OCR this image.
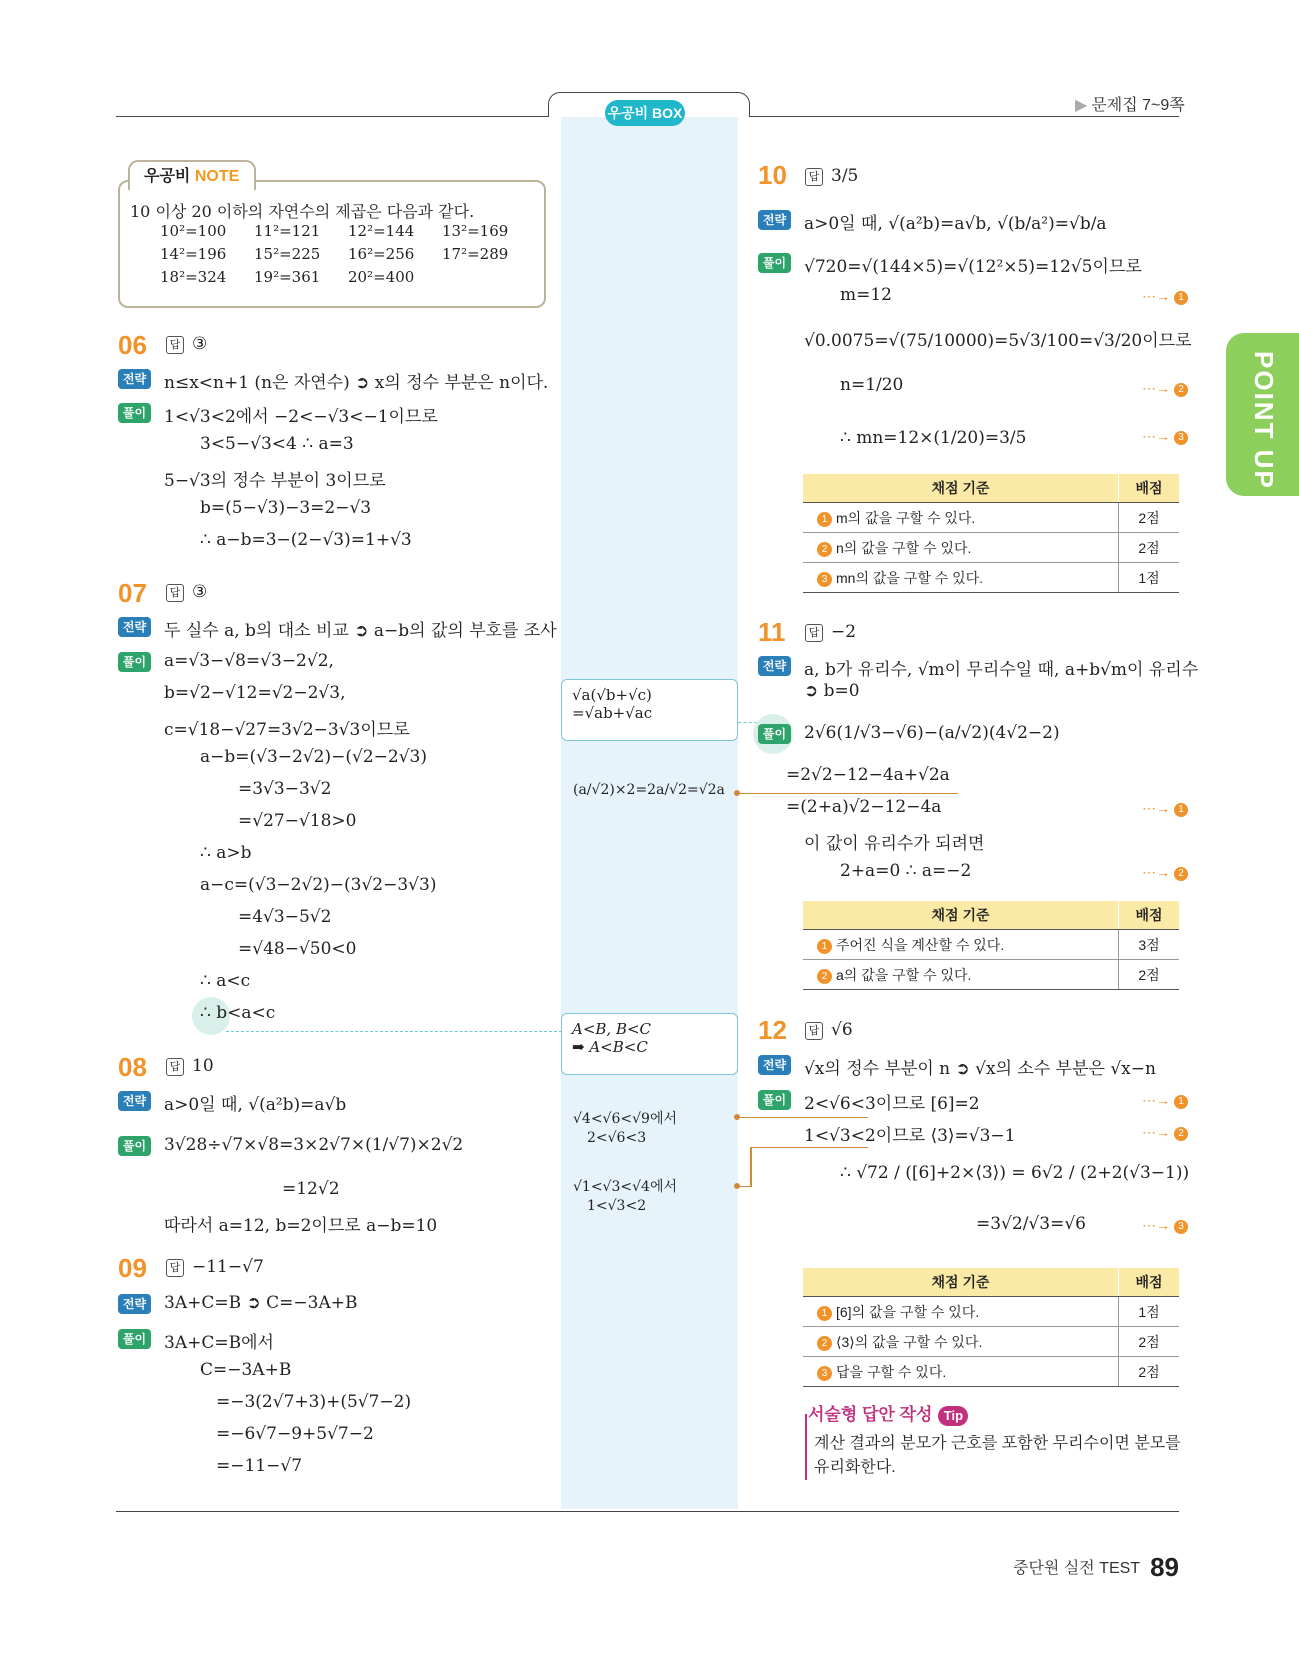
우공비 BOX	▶ 문제집 7~9쪽
POINT UP
우공비 NOTE
10 이상 20 이하의 자연수의 제곱은 다음과 같다.
10²=100 11²=121 12²=144 13²=169
14²=196 15²=225 16²=256 17²=289
18²=324 19²=361 20²=400
06	답 ③
전략 n≤x<n+1 (n은 자연수) ➲ x의 정수 부분은 n이다.
풀이 1<√3<2에서 −2<−√3<−1이므로
3<5−√3<4 ∴ a=3
5−√3의 정수 부분이 3이므로
b=(5−√3)−3=2−√3
∴ a−b=3−(2−√3)=1+√3
07	답 ③
전략 두 실수 a, b의 대소 비교 ➲ a−b의 값의 부호를 조사
풀이 a=√3−√8=√3−2√2,
b=√2−√12=√2−2√3,
c=√18−√27=3√2−3√3이므로
a−b=(√3−2√2)−(√2−2√3)
=3√3−3√2
=√27−√18>0
∴ a>b
a−c=(√3−2√2)−(3√2−3√3)
=4√3−5√2
=√48−√50<0
∴ a<c
∴ b<a<c
08	답 10
전략 a>0일 때, √(a²b)=a√b
풀이 3√28÷√7×√8=3×2√7×(1/√7)×2√2
=12√2
따라서 a=12, b=2이므로 a−b=10
09	답 −11−√7
전략 3A+C=B ➲ C=−3A+B
풀이 3A+C=B에서
C=−3A+B
=−3(2√7+3)+(5√7−2)
=−6√7−9+5√7−2
=−11−√7
√a(√b+√c)
=√ab+√ac
(a/√2)×2=2a/√2=√2a
A<B, B<C
➡ A<B<C
√4<√6<√9에서
2<√6<3
√1<√3<√4에서
1<√3<2
10	답 3/5
전략 a>0일 때, √(a²b)=a√b, √(b/a²)=√b/a
풀이 √720=√(144×5)=√(12²×5)=12√5이므로
m=12	⋯→ 1
√0.0075=√(75/10000)=5√3/100=√3/20이므로
n=1/20	⋯→ 2
∴ mn=12×(1/20)=3/5	⋯→ 3
채점 기준	배점
1 m의 값을 구할 수 있다.	2점
2 n의 값을 구할 수 있다.	2점
3 mn의 값을 구할 수 있다.	1점
11	답 −2
전략 a, b가 유리수, √m이 무리수일 때, a+b√m이 유리수
➲ b=0
풀이 2√6(1/√3−√6)−(a/√2)(4√2−2)
=2√2−12−4a+√2a
=(2+a)√2−12−4a	⋯→ 1
이 값이 유리수가 되려면
2+a=0 ∴ a=−2	⋯→ 2
채점 기준	배점
1 주어진 식을 계산할 수 있다.	3점
2 a의 값을 구할 수 있다.	2점
12	답 √6
전략 √x의 정수 부분이 n ➲ √x의 소수 부분은 √x−n
풀이 2<√6<3이므로 [6]=2	⋯→ 1
1<√3<2이므로 ⟨3⟩=√3−1	⋯→ 2
∴ √72 / ([6]+2×⟨3⟩) = 6√2 / (2+2(√3−1))
=3√2/√3=√6	⋯→ 3
채점 기준	배점
1 [6]의 값을 구할 수 있다.	1점
2 ⟨3⟩의 값을 구할 수 있다.	2점
3 답을 구할 수 있다.	2점
서술형 답안 작성 Tip
계산 결과의 분모가 근호를 포함한 무리수이면 분모를 유리화한다.
중단원 실전 TEST 89
